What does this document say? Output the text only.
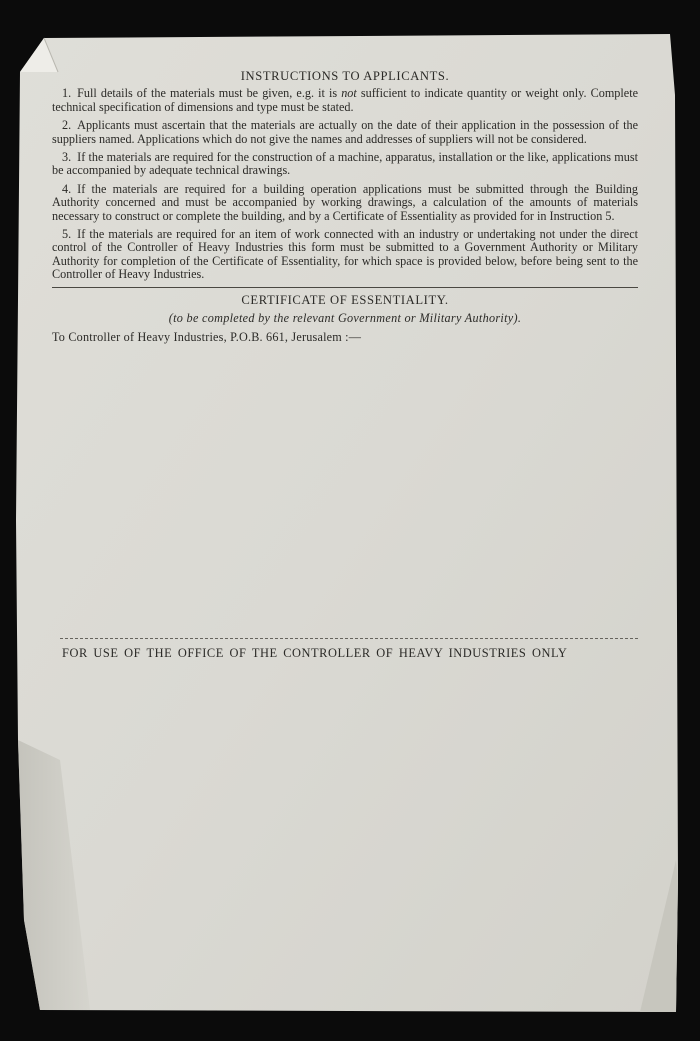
INSTRUCTIONS TO APPLICANTS.

1. Full details of the materials must be given, e.g. it is not sufficient to indicate quantity or weight only. Complete technical specification of dimensions and type must be stated.

2. Applicants must ascertain that the materials are actually on the date of their application in the possession of the suppliers named. Applications which do not give the names and addresses of suppliers will not be considered.

3. If the materials are required for the construction of a machine, apparatus, installation or the like, applications must be accompanied by adequate technical drawings.

4. If the materials are required for a building operation applications must be submitted through the Building Authority concerned and must be accompanied by working drawings, a calculation of the amounts of materials necessary to construct or complete the building, and by a Certificate of Essentiality as provided for in Instruction 5.

5. If the materials are required for an item of work connected with an industry or undertaking not under the direct control of the Controller of Heavy Industries this form must be submitted to a Government Authority or Military Authority for completion of the Certificate of Essentiality, for which space is provided below, before being sent to the Controller of Heavy Industries.

CERTIFICATE OF ESSENTIALITY.

(to be completed by the relevant Government or Military Authority).

To Controller of Heavy Industries, P.O.B. 661, Jerusalem :—

FOR USE OF THE OFFICE OF THE CONTROLLER OF HEAVY INDUSTRIES ONLY
